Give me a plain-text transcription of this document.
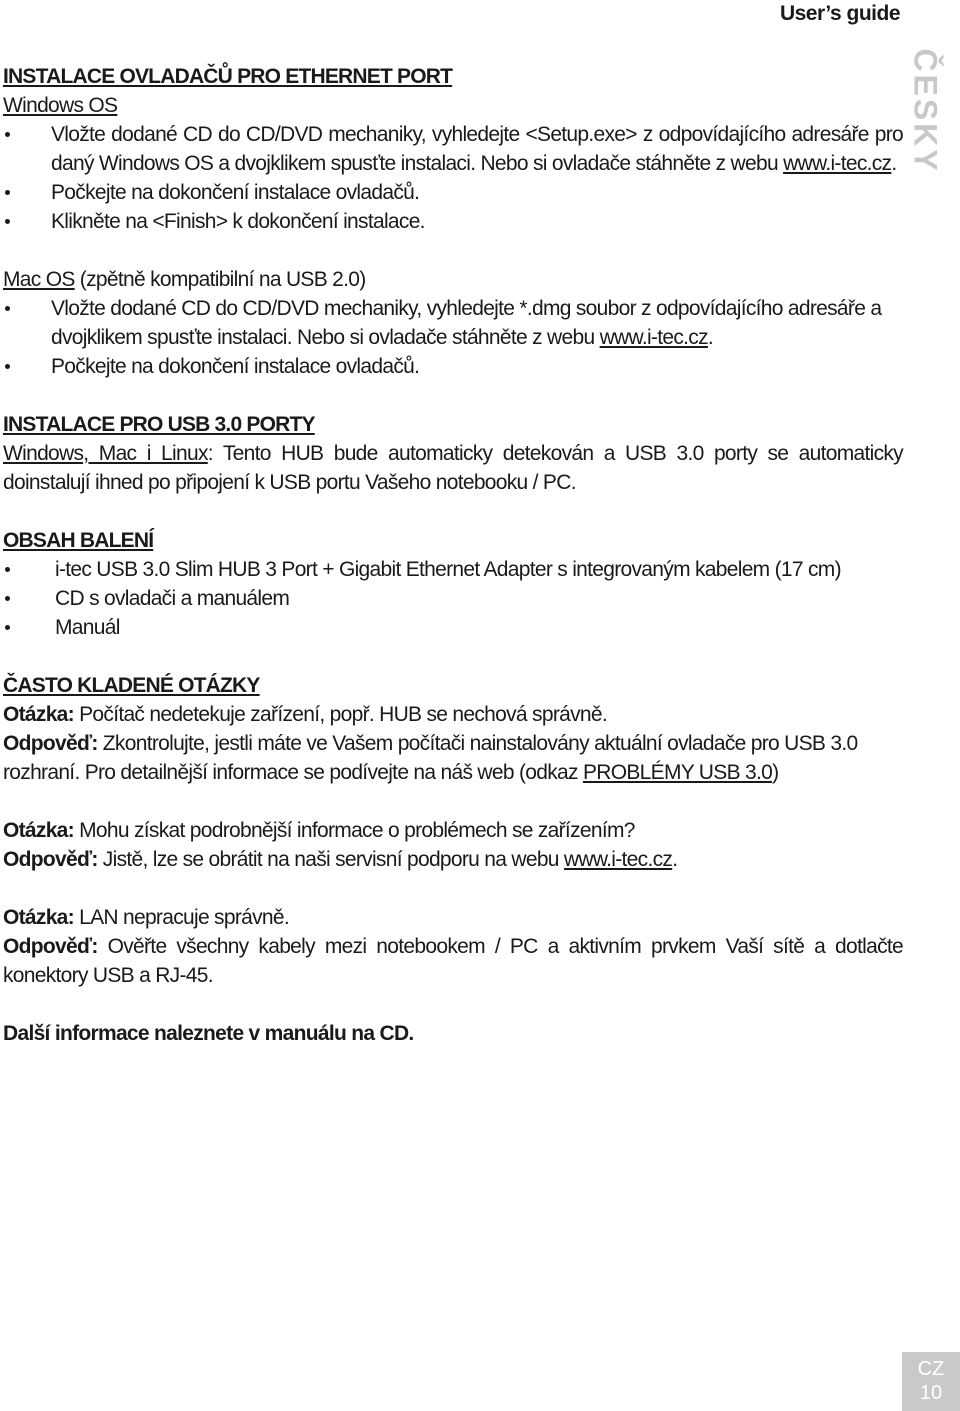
User’s guide
ČESKY

INSTALACE OVLADAČŮ PRO ETHERNET PORT

Windows OS

Vložte dodané CD do CD/DVD mechaniky, vyhledejte <Setup.exe> z odpovídajícího adresáře pro daný Windows OS a dvojklikem spusťte instalaci. Nebo si ovladače stáhněte z webu www.i-tec.cz.
Počkejte na dokončení instalace ovladačů.
Klikněte na <Finish> k dokončení instalace.

Mac OS (zpětně kompatibilní na USB 2.0)

Vložte dodané CD do CD/DVD mechaniky, vyhledejte *.dmg soubor z odpovídajícího adresáře a dvojklikem spusťte instalaci. Nebo si ovladače stáhněte z webu www.i-tec.cz.
Počkejte na dokončení instalace ovladačů.

INSTALACE PRO USB 3.0 PORTY

Windows, Mac i Linux: Tento HUB bude automaticky detekován a USB 3.0 porty se automaticky doinstalují ihned po připojení k USB portu Vašeho notebooku / PC.

OBSAH BALENÍ

i-tec USB 3.0 Slim HUB 3 Port + Gigabit Ethernet Adapter s integrovaným kabelem (17 cm)
CD s ovladači a manuálem
Manuál

ČASTO KLADENÉ OTÁZKY

Otázka: Počítač nedetekuje zařízení, popř. HUB se nechová správně.

Odpověď: Zkontrolujte, jestli máte ve Vašem počítači nainstalovány aktuální ovladače pro USB 3.0 rozhraní. Pro detailnější informace se podívejte na náš web (odkaz PROBLÉMY USB 3.0)

Otázka: Mohu získat podrobnější informace o problémech se zařízením?

Odpověď: Jistě, lze se obrátit na naši servisní podporu na webu www.i-tec.cz.

Otázka: LAN nepracuje správně.

Odpověď: Ověřte všechny kabely mezi notebookem / PC a aktivním prvkem Vaší sítě a dotlačte konektory USB a RJ-45.

Další informace naleznete v manuálu na CD.

CZ
10
